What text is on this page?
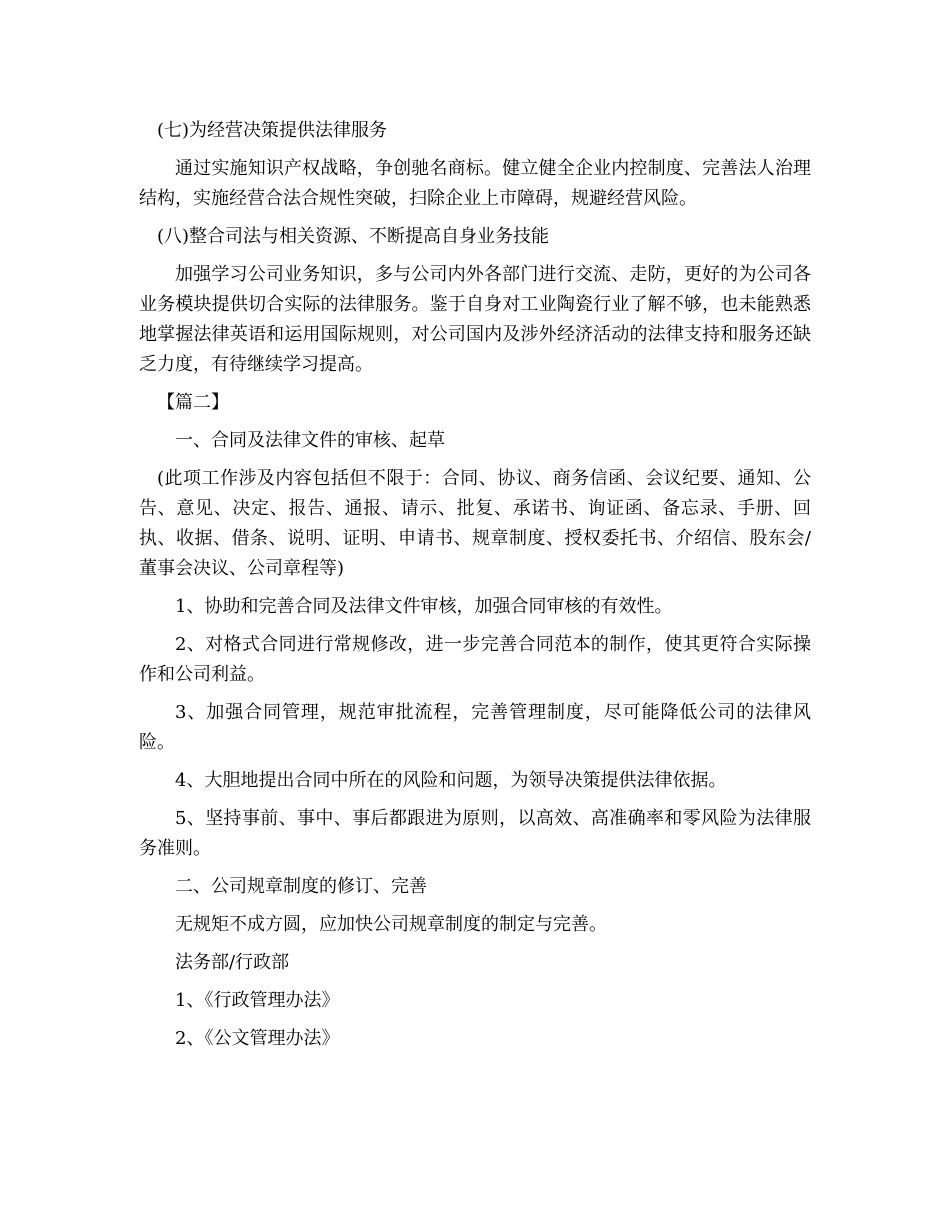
(七)为经营决策提供法律服务

通过实施知识产权战略，争创驰名商标。健立健全企业内控制度、完善法人治理结构，实施经营合法合规性突破，扫除企业上市障碍，规避经营风险。

(八)整合司法与相关资源、不断提高自身业务技能

加强学习公司业务知识，多与公司内外各部门进行交流、走防，更好的为公司各业务模块提供切合实际的法律服务。鉴于自身对工业陶瓷行业了解不够，也未能熟悉地掌握法律英语和运用国际规则，对公司国内及涉外经济活动的法律支持和服务还缺乏力度，有待继续学习提高。

【篇二】

一、合同及法律文件的审核、起草

(此项工作涉及内容包括但不限于：合同、协议、商务信函、会议纪要、通知、公告、意见、决定、报告、通报、请示、批复、承诺书、询证函、备忘录、手册、回执、收据、借条、说明、证明、申请书、规章制度、授权委托书、介绍信、股东会/董事会决议、公司章程等)

1、协助和完善合同及法律文件审核，加强合同审核的有效性。

2、对格式合同进行常规修改，进一步完善合同范本的制作，使其更符合实际操作和公司利益。

3、加强合同管理，规范审批流程，完善管理制度，尽可能降低公司的法律风险。

4、大胆地提出合同中所在的风险和问题，为领导决策提供法律依据。

5、坚持事前、事中、事后都跟进为原则，以高效、高准确率和零风险为法律服务准则。

二、公司规章制度的修订、完善

无规矩不成方圆，应加快公司规章制度的制定与完善。

法务部/行政部

1、《行政管理办法》

2、《公文管理办法》
